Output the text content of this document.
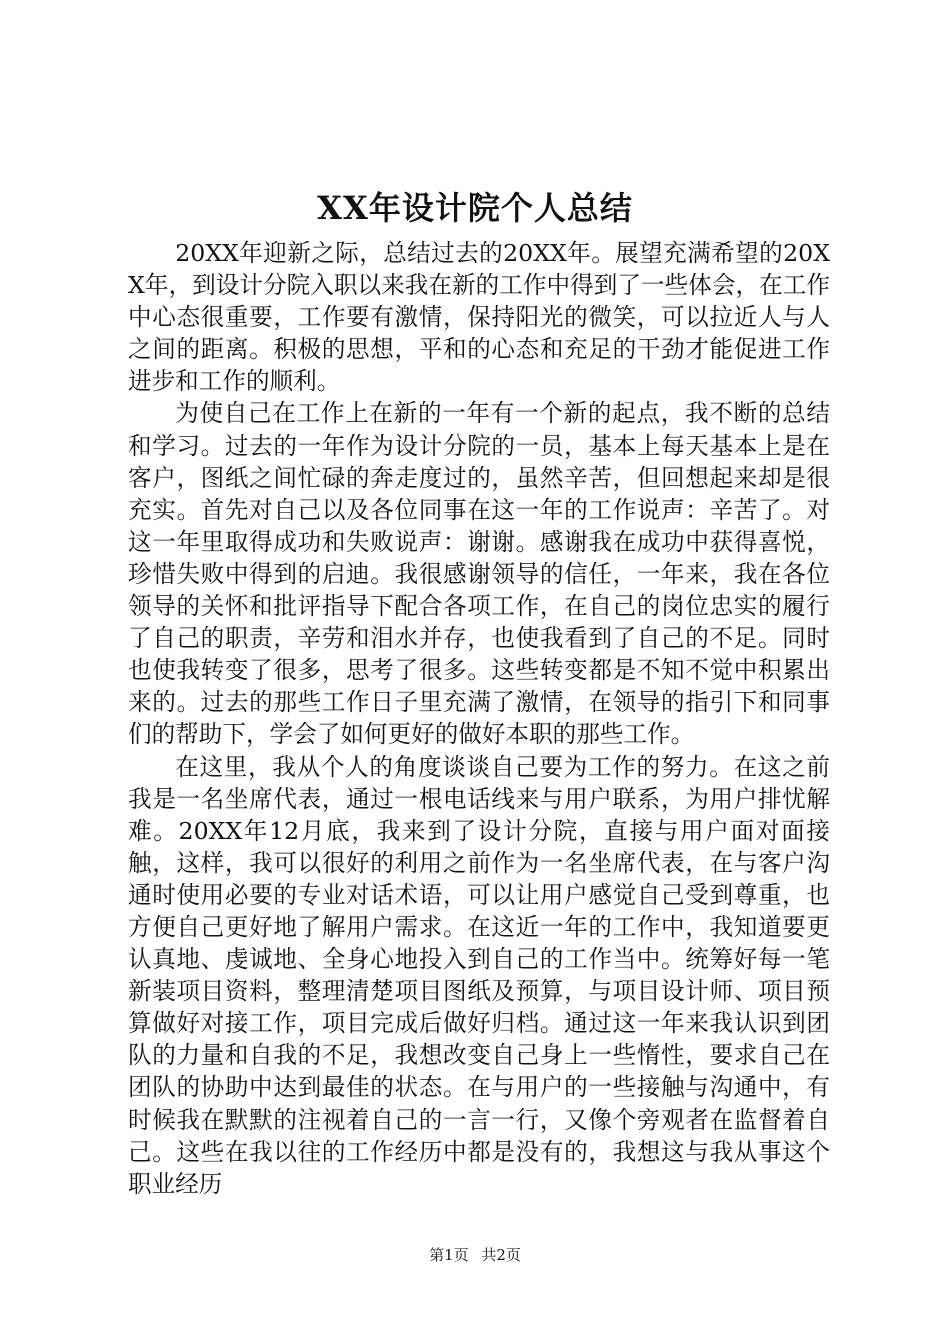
XX年设计院个人总结

20XX年迎新之际，总结过去的20XX年。展望充满希望的20XX年，到设计分院入职以来我在新的工作中得到了一些体会，在工作中心态很重要，工作要有激情，保持阳光的微笑，可以拉近人与人之间的距离。积极的思想，平和的心态和充足的干劲才能促进工作进步和工作的顺利。

为使自己在工作上在新的一年有一个新的起点，我不断的总结和学习。过去的一年作为设计分院的一员，基本上每天基本上是在客户，图纸之间忙碌的奔走度过的，虽然辛苦，但回想起来却是很充实。首先对自己以及各位同事在这一年的工作说声：辛苦了。对这一年里取得成功和失败说声：谢谢。感谢我在成功中获得喜悦，珍惜失败中得到的启迪。我很感谢领导的信任，一年来，我在各位领导的关怀和批评指导下配合各项工作，在自己的岗位忠实的履行了自己的职责，辛劳和泪水并存，也使我看到了自己的不足。同时也使我转变了很多，思考了很多。这些转变都是不知不觉中积累出来的。过去的那些工作日子里充满了激情，在领导的指引下和同事们的帮助下，学会了如何更好的做好本职的那些工作。

在这里，我从个人的角度谈谈自己要为工作的努力。在这之前我是一名坐席代表，通过一根电话线来与用户联系，为用户排忧解难。20XX年12月底，我来到了设计分院，直接与用户面对面接触，这样，我可以很好的利用之前作为一名坐席代表，在与客户沟通时使用必要的专业对话术语，可以让用户感觉自己受到尊重，也方便自己更好地了解用户需求。在这近一年的工作中，我知道要更认真地、虔诚地、全身心地投入到自己的工作当中。统筹好每一笔新装项目资料，整理清楚项目图纸及预算，与项目设计师、项目预算做好对接工作，项目完成后做好归档。通过这一年来我认识到团队的力量和自我的不足，我想改变自己身上一些惰性，要求自己在团队的协助中达到最佳的状态。在与用户的一些接触与沟通中，有时候我在默默的注视着自己的一言一行，又像个旁观者在监督着自己。这些在我以往的工作经历中都是没有的，我想这与我从事这个职业经历

第1页 共2页
